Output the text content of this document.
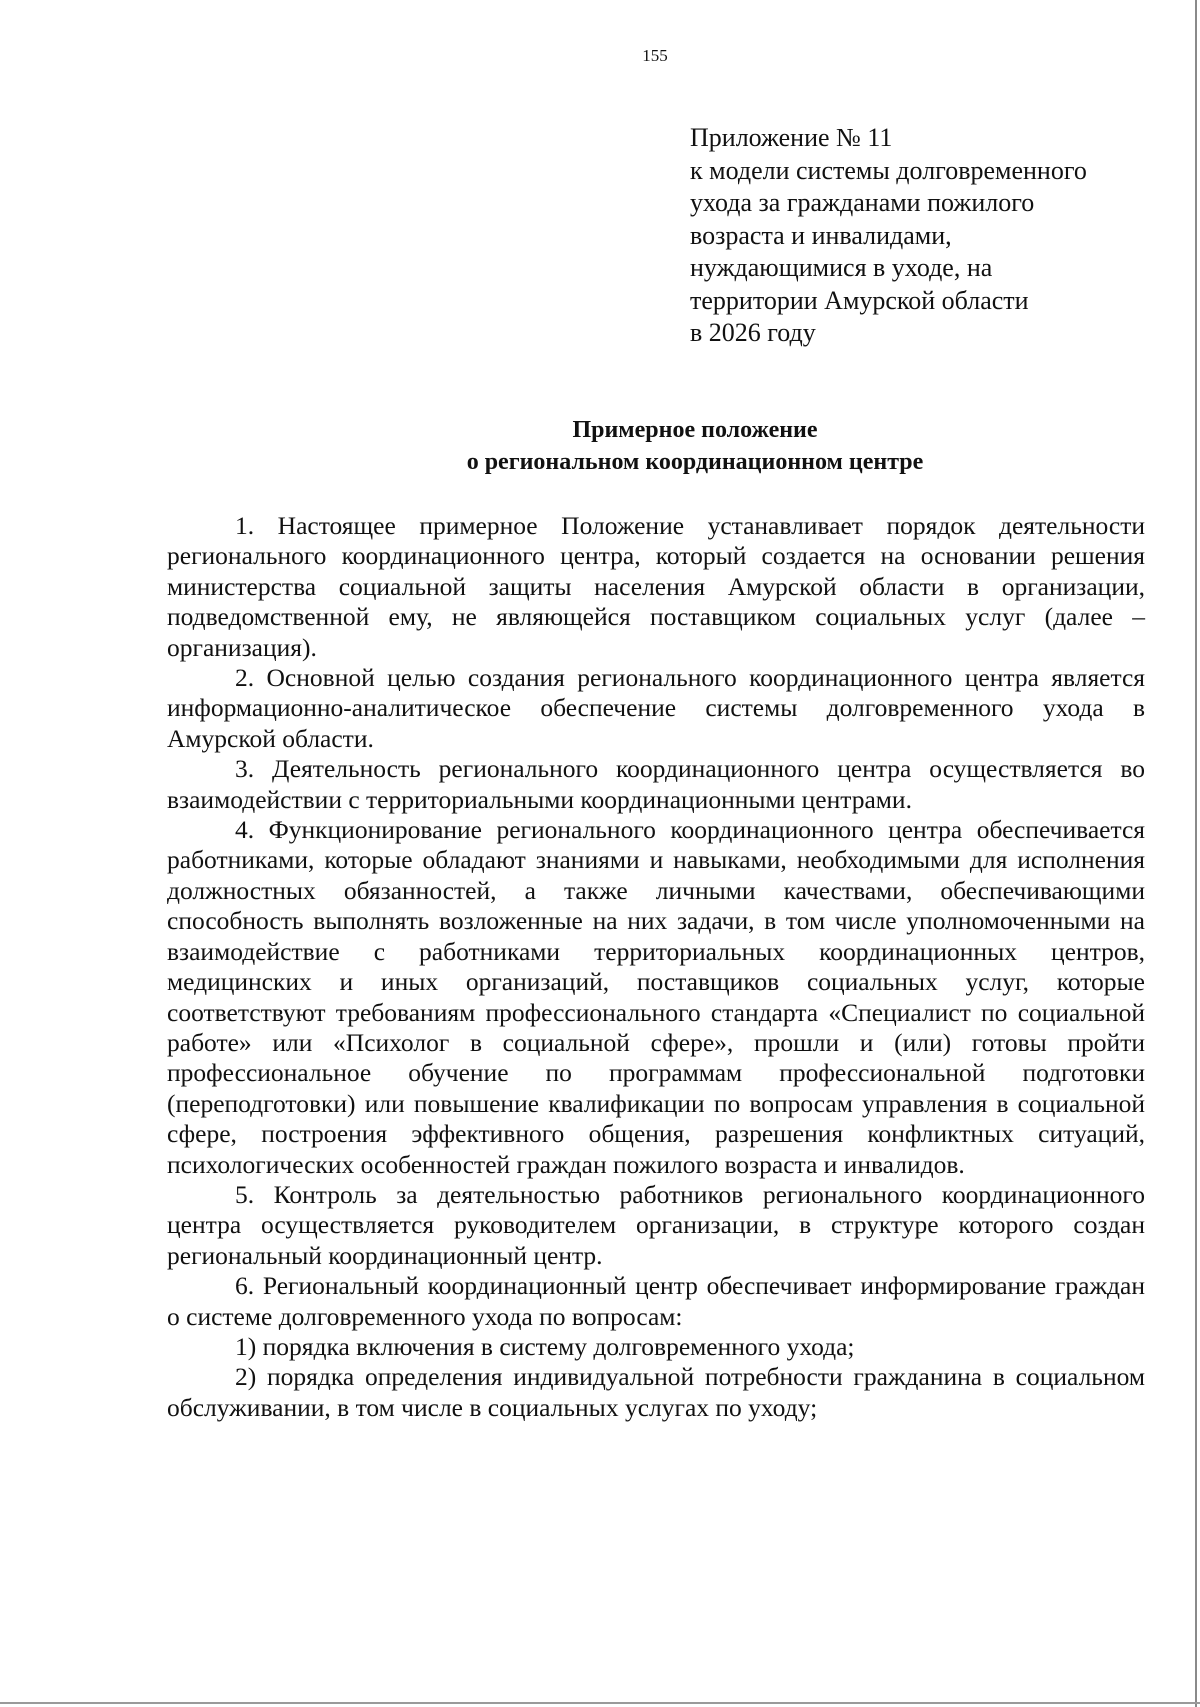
155
Приложение № 11
к модели системы долговременного
ухода за гражданами пожилого
возраста и инвалидами,
нуждающимися в уходе, на
территории Амурской области
в 2026 году
Примерное положение
о региональном координационном центре

1. Настоящее примерное Положение устанавливает порядок деятельности регионального координационного центра, который создается на основании решения министерства социальной защиты населения Амурской области в организации, подведомственной ему, не являющейся поставщиком социальных услуг (далее – организация).

2. Основной целью создания регионального координационного центра является информационно-аналитическое обеспечение системы долговременного ухода в Амурской области.

3. Деятельность регионального координационного центра осуществляется во взаимодействии с территориальными координационными центрами.

4. Функционирование регионального координационного центра обеспечивается работниками, которые обладают знаниями и навыками, необходимыми для исполнения должностных обязанностей, а также личными качествами, обеспечивающими способность выполнять возложенные на них задачи, в том числе уполномоченными на взаимодействие с работниками территориальных координационных центров, медицинских и иных организаций, поставщиков социальных услуг, которые соответствуют требованиям профессионального стандарта «Специалист по социальной работе» или «Психолог в социальной сфере», прошли и (или) готовы пройти профессиональное обучение по программам профессиональной подготовки (переподготовки) или повышение квалификации по вопросам управления в социальной сфере, построения эффективного общения, разрешения конфликтных ситуаций, психологических особенностей граждан пожилого возраста и инвалидов.

5. Контроль за деятельностью работников регионального координационного центра осуществляется руководителем организации, в структуре которого создан региональный координационный центр.

6. Региональный координационный центр обеспечивает информирование граждан о системе долговременного ухода по вопросам:

1) порядка включения в систему долговременного ухода;

2) порядка определения индивидуальной потребности гражданина в социальном обслуживании, в том числе в социальных услугах по уходу;
